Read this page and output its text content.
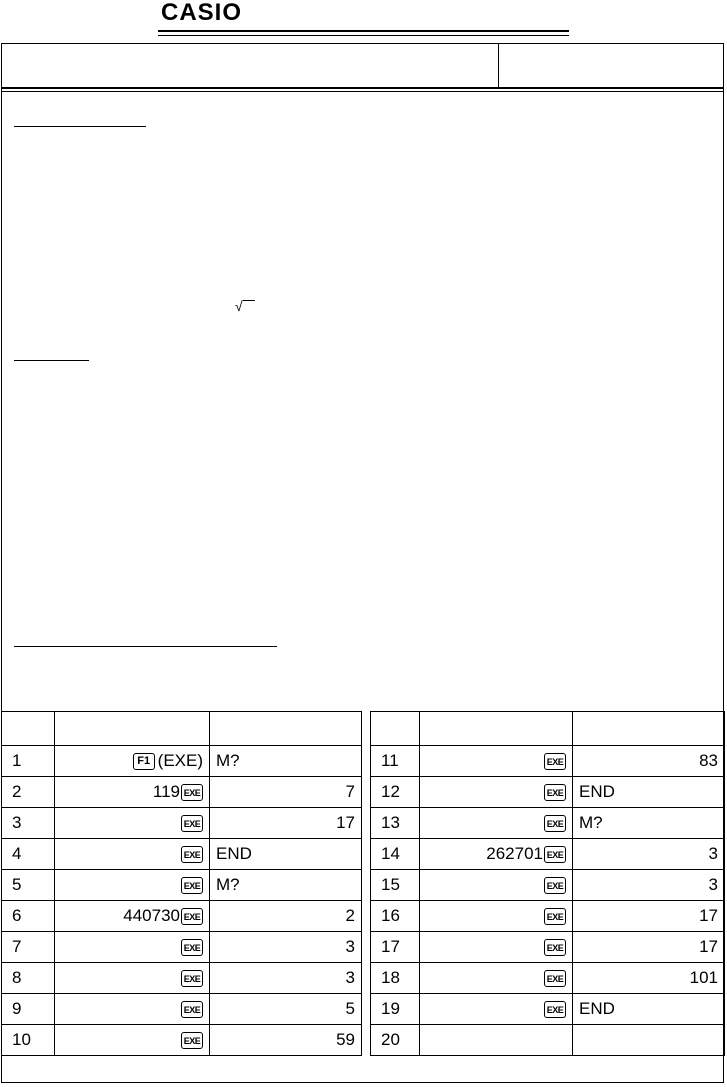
CASIO
√

1	F1 (EXE)	M?		11	EXE	83
2	119 EXE	7		12	EXE	END
3	EXE	17		13	EXE	M?
4	EXE	END		14	262701 EXE	3
5	EXE	M?		15	EXE	3
6	440730 EXE	2		16	EXE	17
7	EXE	3		17	EXE	17
8	EXE	3		18	EXE	101
9	EXE	5		19	EXE	END
10	EXE	59		20		
